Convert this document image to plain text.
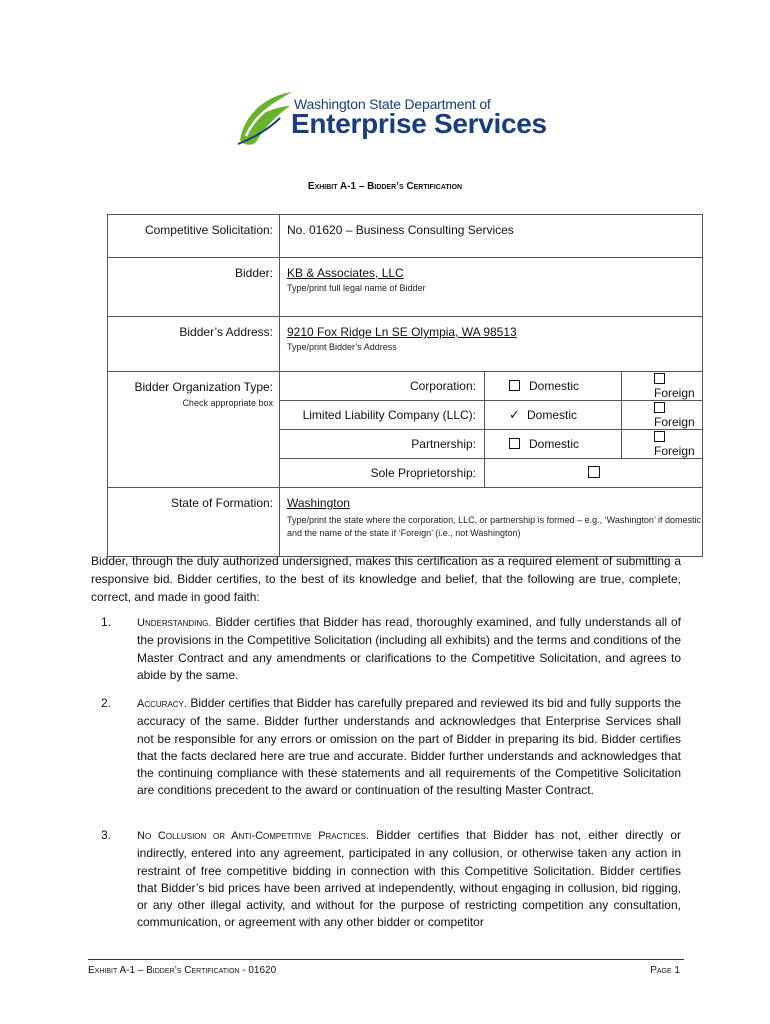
Washington State Department of
Enterprise Services
Exhibit A-1 – Bidder’s Certification
Competitive Solicitation:	No. 01620 – Business Consulting Services
Bidder:	KB & Associates, LLC
Type/print full legal name of Bidder

Bidder’s Address:	9210 Fox Ridge Ln SE Olympia, WA 98513
Type/print Bidder’s Address

Bidder Organization Type:
Check appropriate box

Corporation:	Domestic	Foreign
Limited Liability Company (LLC):	✓ Domestic	Foreign
Partnership:	Domestic	Foreign
Sole Proprietorship:	

State of Formation:	Washington
Type/print the state where the corporation, LLC, or partnership is formed – e.g., ‘Washington’ if domestic and the name of the state if ‘Foreign’ (i.e., not Washington)
Bidder, through the duly authorized undersigned, makes this certification as a required element of submitting a responsive bid. Bidder certifies, to the best of its knowledge and belief, that the following are true, complete, correct, and made in good faith:
1. Understanding. Bidder certifies that Bidder has read, thoroughly examined, and fully understands all of the provisions in the Competitive Solicitation (including all exhibits) and the terms and conditions of the Master Contract and any amendments or clarifications to the Competitive Solicitation, and agrees to abide by the same.
2. Accuracy. Bidder certifies that Bidder has carefully prepared and reviewed its bid and fully supports the accuracy of the same. Bidder further understands and acknowledges that Enterprise Services shall not be responsible for any errors or omission on the part of Bidder in preparing its bid. Bidder certifies that the facts declared here are true and accurate. Bidder further understands and acknowledges that the continuing compliance with these statements and all requirements of the Competitive Solicitation are conditions precedent to the award or continuation of the resulting Master Contract.
3. No Collusion or Anti-Competitive Practices. Bidder certifies that Bidder has not, either directly or indirectly, entered into any agreement, participated in any collusion, or otherwise taken any action in restraint of free competitive bidding in connection with this Competitive Solicitation. Bidder certifies that Bidder’s bid prices have been arrived at independently, without engaging in collusion, bid rigging, or any other illegal activity, and without for the purpose of restricting competition any consultation, communication, or agreement with any other bidder or competitor
Exhibit A-1 – Bidder’s Certification - 01620	Page 1
